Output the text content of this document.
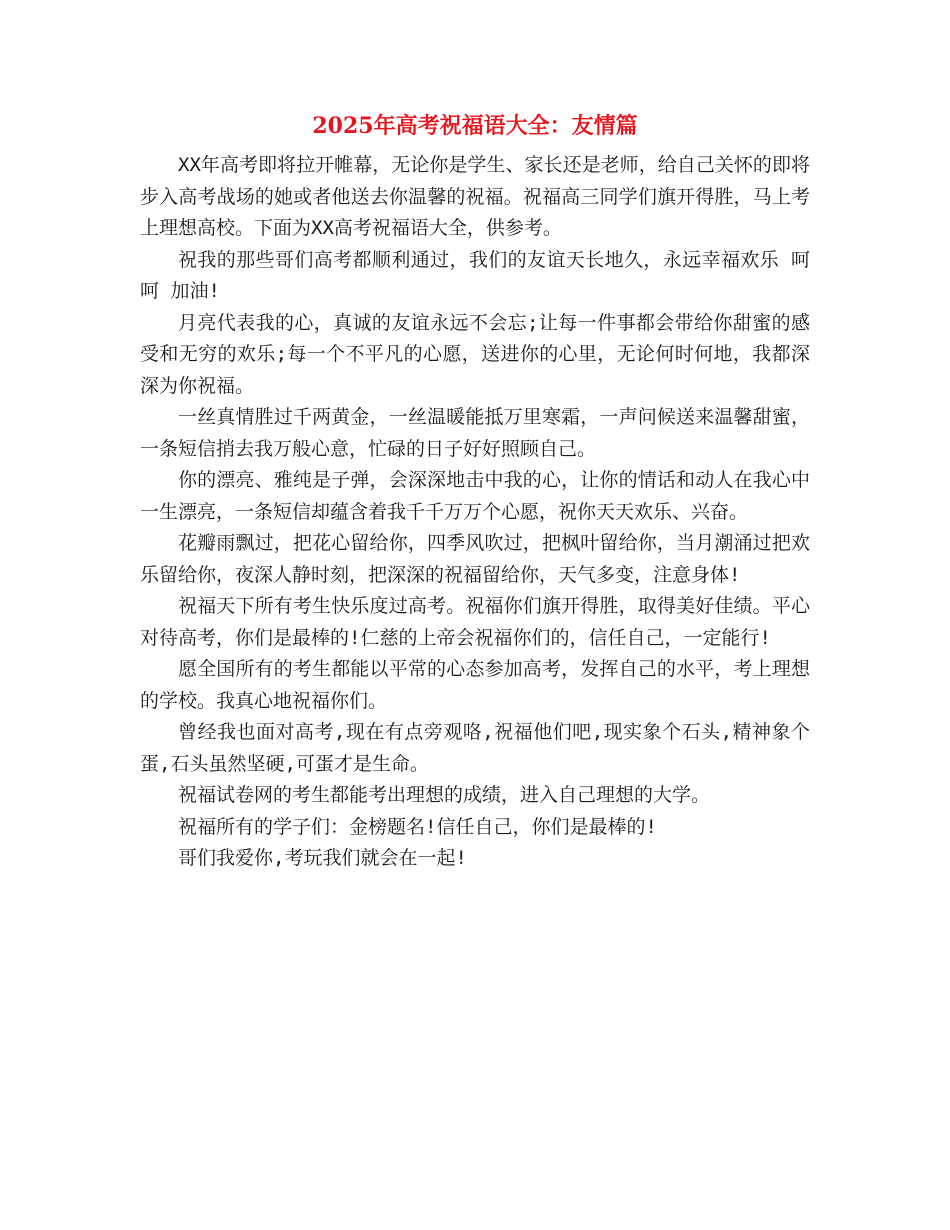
2025年高考祝福语大全：友情篇

XX年高考即将拉开帷幕，无论你是学生、家长还是老师，给自己关怀的即将步入高考战场的她或者他送去你温馨的祝福。祝福高三同学们旗开得胜，马上考上理想高校。下面为XX高考祝福语大全，供参考。

祝我的那些哥们高考都顺利通过，我们的友谊天长地久，永远幸福欢乐 呵呵 加油!

月亮代表我的心，真诚的友谊永远不会忘;让每一件事都会带给你甜蜜的感受和无穷的欢乐;每一个不平凡的心愿，送进你的心里，无论何时何地，我都深深为你祝福。

一丝真情胜过千两黄金，一丝温暖能抵万里寒霜，一声问候送来温馨甜蜜，一条短信捎去我万般心意，忙碌的日子好好照顾自己。

你的漂亮、雅纯是子弹，会深深地击中我的心，让你的情话和动人在我心中一生漂亮，一条短信却蕴含着我千千万万个心愿，祝你天天欢乐、兴奋。

花瓣雨飘过，把花心留给你，四季风吹过，把枫叶留给你，当月潮涌过把欢乐留给你，夜深人静时刻，把深深的祝福留给你，天气多变，注意身体!

祝福天下所有考生快乐度过高考。祝福你们旗开得胜，取得美好佳绩。平心对待高考，你们是最棒的!仁慈的上帝会祝福你们的，信任自己，一定能行!

愿全国所有的考生都能以平常的心态参加高考，发挥自己的水平，考上理想的学校。我真心地祝福你们。

曾经我也面对高考,现在有点旁观咯,祝福他们吧,现实象个石头,精神象个蛋,石头虽然坚硬,可蛋才是生命。

祝福试卷网的考生都能考出理想的成绩，进入自己理想的大学。

祝福所有的学子们：金榜题名!信任自己，你们是最棒的!

哥们我爱你,考玩我们就会在一起!
